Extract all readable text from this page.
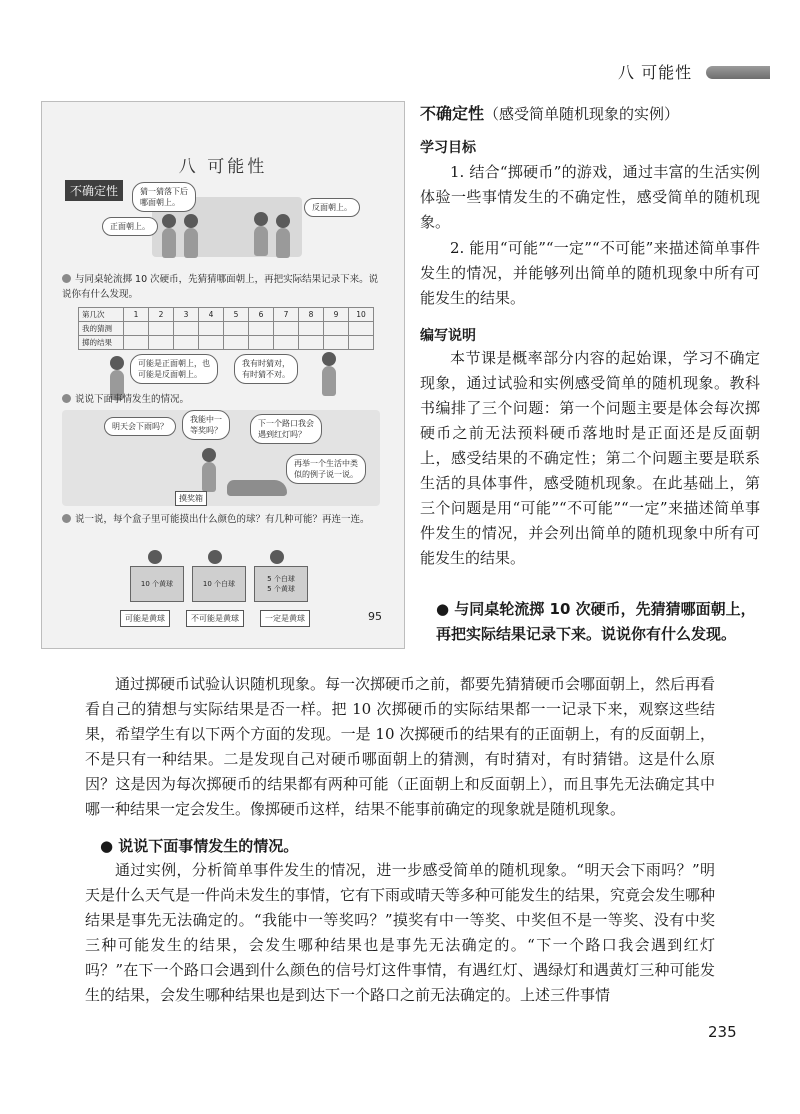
八 可能性
八 可能性
不确定性	猜一猜落下后
哪面朝上。
正面朝上。
反面朝上。
与同桌轮流掷 10 次硬币，先猜猜哪面朝上，再把实际结果记录下来。说说你有什么发现。
第几次	1	2	3	4	5	6	7	8	9	10
我的猜测										
掷的结果										
可能是正面朝上，也
可能是反面朝上。
我有时猜对，
有时猜不对。
说说下面事情发生的情况。
明天会下雨吗？
我能中一
等奖吗？
下一个路口我会
遇到红灯吗？
再举一个生活中类
似的例子说一说。
摸奖箱
说一说，每个盒子里可能摸出什么颜色的球？有几种可能？再连一连。
10 个黄球	10 个白球
5 个白球
5 个黄球
可能是黄球	不可能是黄球	一定是黄球	95
不确定性（感受简单随机现象的实例）
学习目标
1. 结合“掷硬币”的游戏，通过丰富的生活实例体验一些事情发生的不确定性，感受简单的随机现象。
2. 能用“可能”“一定”“不可能”来描述简单事件发生的情况，并能够列出简单的随机现象中所有可能发生的结果。
编写说明
本节课是概率部分内容的起始课，学习不确定现象，通过试验和实例感受简单的随机现象。教科书编排了三个问题：第一个问题主要是体会每次掷硬币之前无法预料硬币落地时是正面还是反面朝上，感受结果的不确定性；第二个问题主要是联系生活的具体事件，感受随机现象。在此基础上，第三个问题是用“可能”“不可能”“一定”来描述简单事件发生的情况，并会列出简单的随机现象中所有可能发生的结果。
● 与同桌轮流掷 10 次硬币，先猜猜哪面朝上，再把实际结果记录下来。说说你有什么发现。
通过掷硬币试验认识随机现象。每一次掷硬币之前，都要先猜猜硬币会哪面朝上，然后再看看自己的猜想与实际结果是否一样。把 10 次掷硬币的实际结果都一一记录下来，观察这些结果，希望学生有以下两个方面的发现。一是 10 次掷硬币的结果有的正面朝上，有的反面朝上，不是只有一种结果。二是发现自己对硬币哪面朝上的猜测，有时猜对，有时猜错。这是什么原因？这是因为每次掷硬币的结果都有两种可能（正面朝上和反面朝上），而且事先无法确定其中哪一种结果一定会发生。像掷硬币这样，结果不能事前确定的现象就是随机现象。
● 说说下面事情发生的情况。
通过实例，分析简单事件发生的情况，进一步感受简单的随机现象。“明天会下雨吗？”明天是什么天气是一件尚未发生的事情，它有下雨或晴天等多种可能发生的结果，究竟会发生哪种结果是事先无法确定的。“我能中一等奖吗？”摸奖有中一等奖、中奖但不是一等奖、没有中奖三种可能发生的结果，会发生哪种结果也是事先无法确定的。“下一个路口我会遇到红灯吗？”在下一个路口会遇到什么颜色的信号灯这件事情，有遇红灯、遇绿灯和遇黄灯三种可能发生的结果，会发生哪种结果也是到达下一个路口之前无法确定的。上述三件事情
235
